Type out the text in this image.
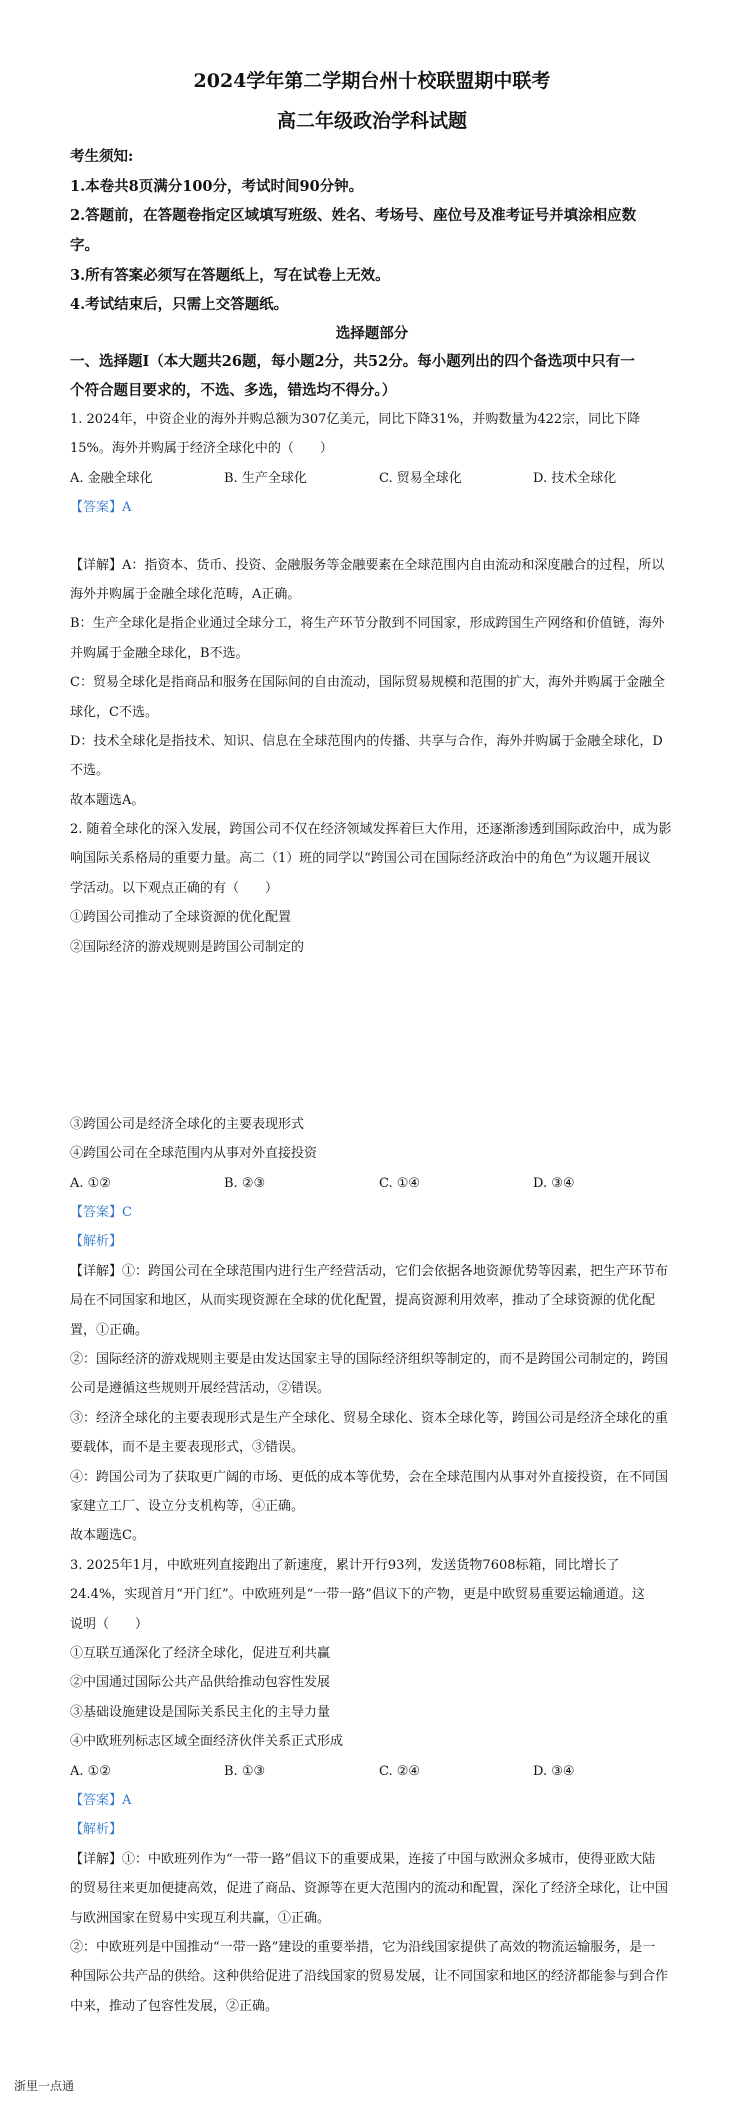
2024学年第二学期台州十校联盟期中联考
高二年级政治学科试题
考生须知:
1.本卷共8页满分100分，考试时间90分钟。
2.答题前，在答题卷指定区域填写班级、姓名、考场号、座位号及准考证号并填涂相应数
字。
3.所有答案必须写在答题纸上，写在试卷上无效。
4.考试结束后，只需上交答题纸。
选择题部分
一、选择题Ⅰ（本大题共26题，每小题2分，共52分。每小题列出的四个备选项中只有一
个符合题目要求的，不选、多选，错选均不得分。）
1. 2024年，中资企业的海外并购总额为307亿美元，同比下降31%，并购数量为422宗，同比下降
15%。海外并购属于经济全球化中的（　　）
A. 金融全球化	B. 生产全球化	C. 贸易全球化	D. 技术全球化
【答案】A
【详解】A：指资本、货币、投资、金融服务等金融要素在全球范围内自由流动和深度融合的过程，所以
海外并购属于金融全球化范畴，A正确。
B：生产全球化是指企业通过全球分工，将生产环节分散到不同国家，形成跨国生产网络和价值链，海外
并购属于金融全球化，B不选。
C：贸易全球化是指商品和服务在国际间的自由流动，国际贸易规模和范围的扩大，海外并购属于金融全
球化，C不选。
D：技术全球化是指技术、知识、信息在全球范围内的传播、共享与合作，海外并购属于金融全球化，D
不选。
故本题选A。
2. 随着全球化的深入发展，跨国公司不仅在经济领域发挥着巨大作用，还逐渐渗透到国际政治中，成为影
响国际关系格局的重要力量。高二（1）班的同学以“跨国公司在国际经济政治中的角色”为议题开展议
学活动。以下观点正确的有（　　）
①跨国公司推动了全球资源的优化配置
②国际经济的游戏规则是跨国公司制定的
③跨国公司是经济全球化的主要表现形式
④跨国公司在全球范围内从事对外直接投资
A. ①②	B. ②③	C. ①④	D. ③④
【答案】C
【解析】
【详解】①：跨国公司在全球范围内进行生产经营活动，它们会依据各地资源优势等因素，把生产环节布
局在不同国家和地区，从而实现资源在全球的优化配置，提高资源利用效率，推动了全球资源的优化配
置，①正确。
②：国际经济的游戏规则主要是由发达国家主导的国际经济组织等制定的，而不是跨国公司制定的，跨国
公司是遵循这些规则开展经营活动，②错误。
③：经济全球化的主要表现形式是生产全球化、贸易全球化、资本全球化等，跨国公司是经济全球化的重
要载体，而不是主要表现形式，③错误。
④：跨国公司为了获取更广阔的市场、更低的成本等优势，会在全球范围内从事对外直接投资，在不同国
家建立工厂、设立分支机构等，④正确。
故本题选C。
3. 2025年1月，中欧班列直接跑出了新速度，累计开行93列，发送货物7608标箱，同比增长了
24.4%，实现首月“开门红”。中欧班列是“一带一路”倡议下的产物，更是中欧贸易重要运输通道。这
说明（　　）
①互联互通深化了经济全球化，促进互利共赢
②中国通过国际公共产品供给推动包容性发展
③基础设施建设是国际关系民主化的主导力量
④中欧班列标志区域全面经济伙伴关系正式形成
A. ①②	B. ①③	C. ②④	D. ③④
【答案】A
【解析】
【详解】①：中欧班列作为“一带一路”倡议下的重要成果，连接了中国与欧洲众多城市，使得亚欧大陆
的贸易往来更加便捷高效，促进了商品、资源等在更大范围内的流动和配置，深化了经济全球化，让中国
与欧洲国家在贸易中实现互利共赢，①正确。
②：中欧班列是中国推动“一带一路”建设的重要举措，它为沿线国家提供了高效的物流运输服务，是一
种国际公共产品的供给。这种供给促进了沿线国家的贸易发展，让不同国家和地区的经济都能参与到合作
中来，推动了包容性发展，②正确。
浙里一点通
